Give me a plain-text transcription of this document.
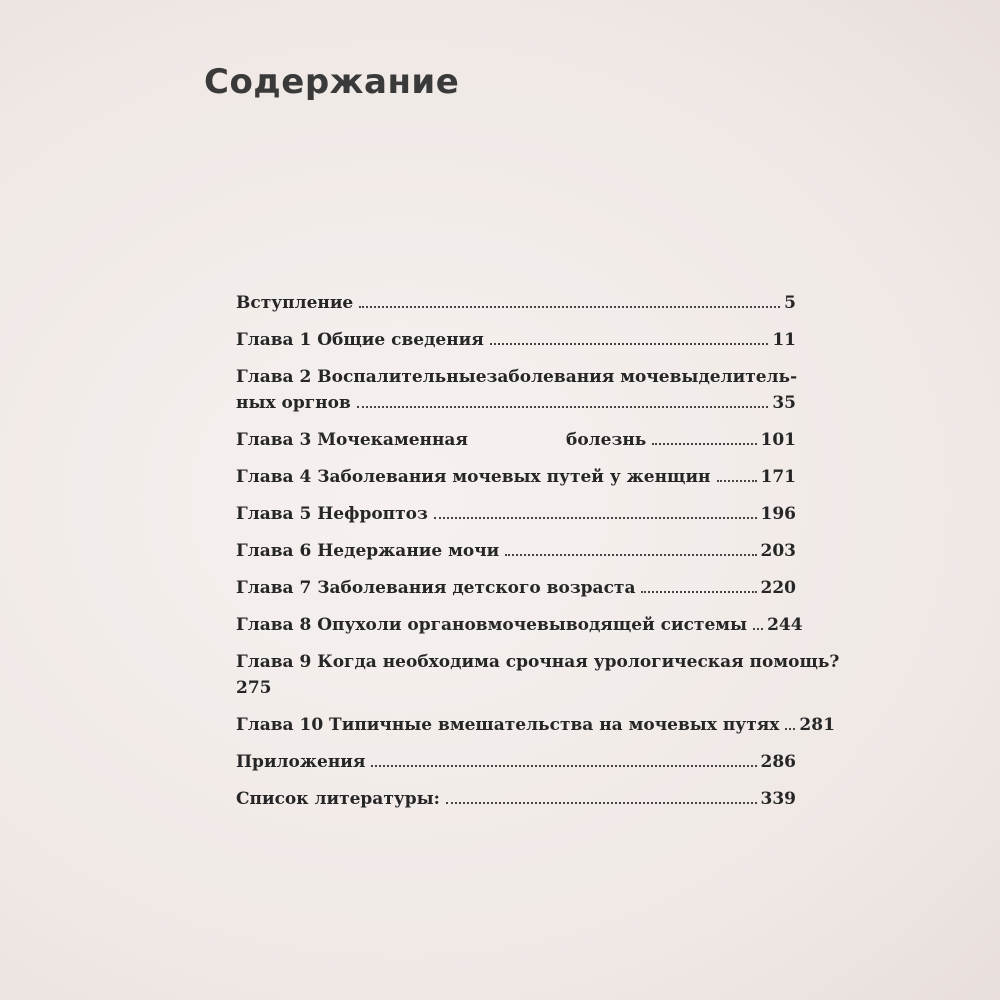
Содержание
Вступление	5
Глава 1 Общие сведения	11
Глава 2 Воспалительные заболевания мочевыделитель-
ных оргнов	35
Глава 3 Мочекаменная	болезнь	101
Глава 4 Заболевания мочевых путей у женщин	171
Глава 5 Нефроптоз	196
Глава 6 Недержание мочи	203
Глава 7 Заболевания детского возраста	220
Глава 8 Опухоли органов мочевыводящей системы 244
Глава 9 Когда необходима срочная урологическая помощь?
275
Глава 10 Типичные вмешательства на мочевых путях 281
Приложения	286
Список литературы:	339
